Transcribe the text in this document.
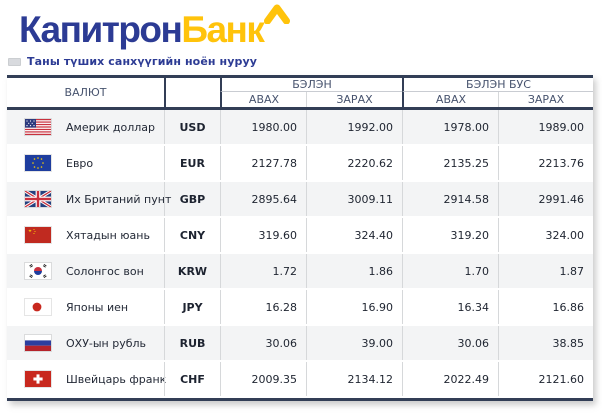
КапитронБанк
Таны түших санхүүгийн ноён нуруу
ВАЛЮТ
БЭЛЭН	БЭЛЭН БУС
АВАХ	ЗАРАХ	АВАХ	ЗАРАХ
Америк доллар	USD	1980.00	1992.00	1978.00	1989.00
Евро	EUR	2127.78	2220.62	2135.25	2213.76
Их Британий пунт GBP	2895.64	3009.11	2914.58	2991.46
Хятадын юань	CNY	319.60	324.40	319.20	324.00
Солонгос вон	KRW	1.72	1.86	1.70	1.87
Японы иен	JPY	16.28	16.90	16.34	16.86
ОХУ-ын рубль	RUB	30.06	39.00	30.06	38.85
Швейцарь франк	CHF	2009.35	2134.12	2022.49	2121.60
